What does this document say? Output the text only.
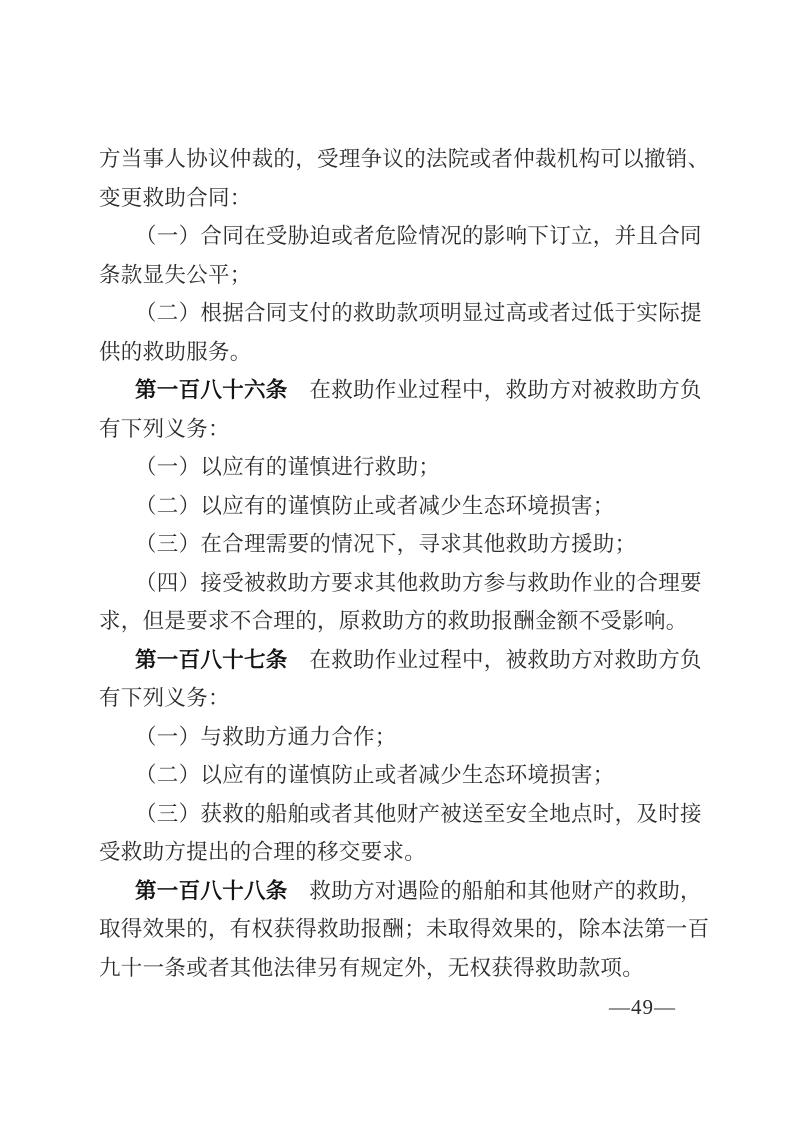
方当事人协议仲裁的，受理争议的法院或者仲裁机构可以撤销、
变更救助合同：
（一）合同在受胁迫或者危险情况的影响下订立，并且合同
条款显失公平；
（二）根据合同支付的救助款项明显过高或者过低于实际提
供的救助服务。
第一百八十六条　在救助作业过程中，救助方对被救助方负
有下列义务：
（一）以应有的谨慎进行救助；
（二）以应有的谨慎防止或者减少生态环境损害；
（三）在合理需要的情况下，寻求其他救助方援助；
（四）接受被救助方要求其他救助方参与救助作业的合理要
求，但是要求不合理的，原救助方的救助报酬金额不受影响。
第一百八十七条　在救助作业过程中，被救助方对救助方负
有下列义务：
（一）与救助方通力合作；
（二）以应有的谨慎防止或者减少生态环境损害；
（三）获救的船舶或者其他财产被送至安全地点时，及时接
受救助方提出的合理的移交要求。
第一百八十八条　救助方对遇险的船舶和其他财产的救助，
取得效果的，有权获得救助报酬；未取得效果的，除本法第一百
九十一条或者其他法律另有规定外，无权获得救助款项。
—49—
